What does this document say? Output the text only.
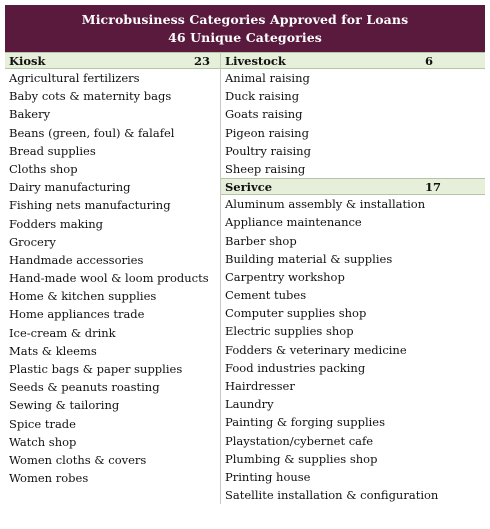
Microbusiness Categories Approved for Loans
46 Unique Categories
Kiosk	23
Agricultural fertilizers
Baby cots & maternity bags
Bakery
Beans (green, foul) & falafel
Bread supplies
Cloths shop
Dairy manufacturing
Fishing nets manufacturing
Fodders making
Grocery
Handmade accessories
Hand-made wool & loom products
Home & kitchen supplies
Home appliances trade
Ice-cream & drink
Mats & kleems
Plastic bags & paper supplies
Seeds & peanuts roasting
Sewing & tailoring
Spice trade
Watch shop
Women cloths & covers
Women robes
Livestock	6
Animal raising
Duck raising
Goats raising
Pigeon raising
Poultry raising
Sheep raising
Serivce	17
Aluminum assembly & installation
Appliance maintenance
Barber shop
Building material & supplies
Carpentry workshop
Cement tubes
Computer supplies shop
Electric supplies shop
Fodders & veterinary medicine
Food industries packing
Hairdresser
Laundry
Painting & forging supplies
Playstation/cybernet cafe
Plumbing & supplies shop
Printing house
Satellite installation & configuration
